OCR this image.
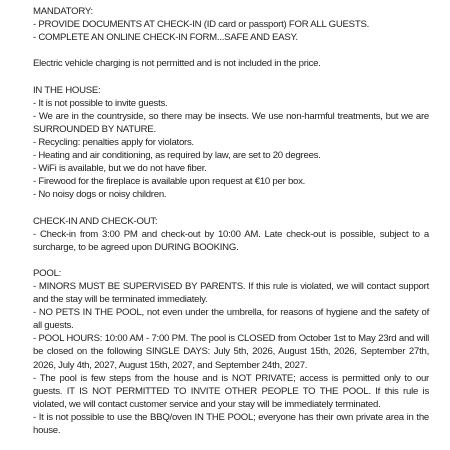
MANDATORY:

- PROVIDE DOCUMENTS AT CHECK-IN (ID card or passport) FOR ALL GUESTS.

- COMPLETE AN ONLINE CHECK-IN FORM...SAFE AND EASY.

Electric vehicle charging is not permitted and is not included in the price.

IN THE HOUSE:

- It is not possible to invite guests.

- We are in the countryside, so there may be insects. We use non-harmful treatments, but we are SURROUNDED BY NATURE.

- Recycling: penalties apply for violators.

- Heating and air conditioning, as required by law, are set to 20 degrees.

- WiFi is available, but we do not have fiber.

- Firewood for the fireplace is available upon request at €10 per box.

- No noisy dogs or noisy children.

CHECK-IN AND CHECK-OUT:

- Check-in from 3:00 PM and check-out by 10:00 AM. Late check-out is possible, subject to a surcharge, to be agreed upon DURING BOOKING.

POOL:

- MINORS MUST BE SUPERVISED BY PARENTS. If this rule is violated, we will contact support and the stay will be terminated immediately.

- NO PETS IN THE POOL, not even under the umbrella, for reasons of hygiene and the safety of all guests.

- POOL HOURS: 10:00 AM - 7:00 PM. The pool is CLOSED from October 1st to May 23rd and will be closed on the following SINGLE DAYS: July 5th, 2026, August 15th, 2026, September 27th, 2026, July 4th, 2027, August 15th, 2027, and September 24th, 2027.

- The pool is few steps from the house and is NOT PRIVATE; access is permitted only to our guests. IT IS NOT PERMITTED TO INVITE OTHER PEOPLE TO THE POOL. If this rule is violated, we will contact customer service and your stay will be immediately terminated.

- It is not possible to use the BBQ/oven IN THE POOL; everyone has their own private area in the house.
